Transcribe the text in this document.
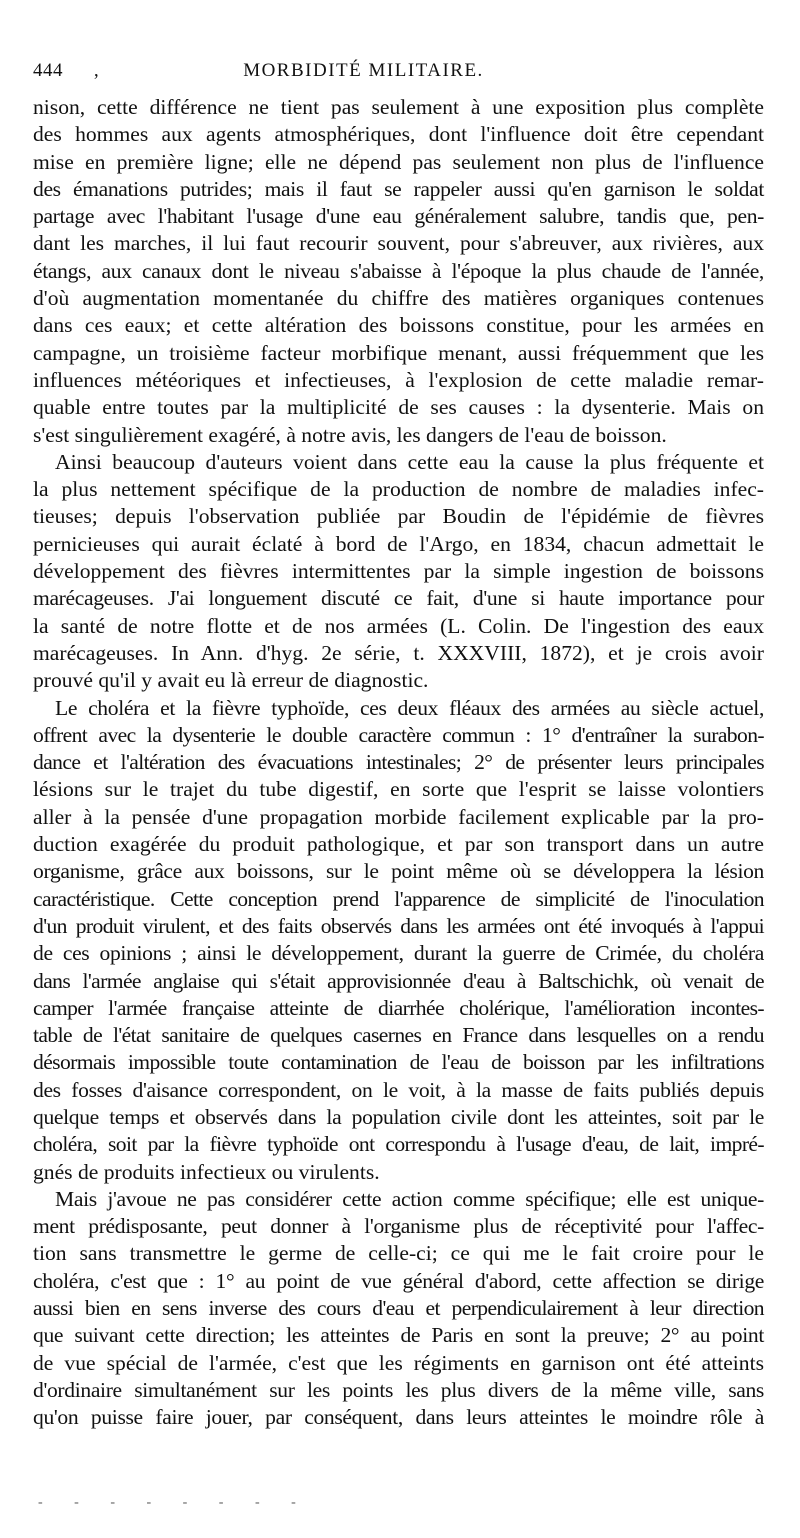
444	‚	MORBIDITÉ MILITAIRE.
nison, cette différence ne tient pas seulement à une exposition plus complète
des hommes aux agents atmosphériques, dont l'influence doit être cependant
mise en première ligne; elle ne dépend pas seulement non plus de l'influence
des émanations putrides; mais il faut se rappeler aussi qu'en garnison le soldat
partage avec l'habitant l'usage d'une eau généralement salubre, tandis que, pen-
dant les marches, il lui faut recourir souvent, pour s'abreuver, aux rivières, aux
étangs, aux canaux dont le niveau s'abaisse à l'époque la plus chaude de l'année,
d'où augmentation momentanée du chiffre des matières organiques contenues
dans ces eaux; et cette altération des boissons constitue, pour les armées en
campagne, un troisième facteur morbifique menant, aussi fréquemment que les
influences météoriques et infectieuses, à l'explosion de cette maladie remar-
quable entre toutes par la multiplicité de ses causes : la dysenterie. Mais on
s'est singulièrement exagéré, à notre avis, les dangers de l'eau de boisson.
Ainsi beaucoup d'auteurs voient dans cette eau la cause la plus fréquente et
la plus nettement spécifique de la production de nombre de maladies infec-
tieuses; depuis l'observation publiée par Boudin de l'épidémie de fièvres
pernicieuses qui aurait éclaté à bord de l'Argo, en 1834, chacun admettait le
développement des fièvres intermittentes par la simple ingestion de boissons
marécageuses. J'ai longuement discuté ce fait, d'une si haute importance pour
la santé de notre flotte et de nos armées (L. Colin. De l'ingestion des eaux
marécageuses. In Ann. d'hyg. 2e série, t. XXXVIII, 1872), et je crois avoir
prouvé qu'il y avait eu là erreur de diagnostic.
Le choléra et la fièvre typhoïde, ces deux fléaux des armées au siècle actuel,
offrent avec la dysenterie le double caractère commun : 1° d'entraîner la surabon-
dance et l'altération des évacuations intestinales; 2° de présenter leurs principales
lésions sur le trajet du tube digestif, en sorte que l'esprit se laisse volontiers
aller à la pensée d'une propagation morbide facilement explicable par la pro-
duction exagérée du produit pathologique, et par son transport dans un autre
organisme, grâce aux boissons, sur le point même où se développera la lésion
caractéristique. Cette conception prend l'apparence de simplicité de l'inoculation
d'un produit virulent, et des faits observés dans les armées ont été invoqués à l'appui
de ces opinions ; ainsi le développement, durant la guerre de Crimée, du choléra
dans l'armée anglaise qui s'était approvisionnée d'eau à Baltschichk, où venait de
camper l'armée française atteinte de diarrhée cholérique, l'amélioration incontes-
table de l'état sanitaire de quelques casernes en France dans lesquelles on a rendu
désormais impossible toute contamination de l'eau de boisson par les infiltrations
des fosses d'aisance correspondent, on le voit, à la masse de faits publiés depuis
quelque temps et observés dans la population civile dont les atteintes, soit par le
choléra, soit par la fièvre typhoïde ont correspondu à l'usage d'eau, de lait, impré-
gnés de produits infectieux ou virulents.
Mais j'avoue ne pas considérer cette action comme spécifique; elle est unique-
ment prédisposante, peut donner à l'organisme plus de réceptivité pour l'affec-
tion sans transmettre le germe de celle-ci; ce qui me le fait croire pour le
choléra, c'est que : 1° au point de vue général d'abord, cette affection se dirige
aussi bien en sens inverse des cours d'eau et perpendiculairement à leur direction
que suivant cette direction; les atteintes de Paris en sont la preuve; 2° au point
de vue spécial de l'armée, c'est que les régiments en garnison ont été atteints
d'ordinaire simultanément sur les points les plus divers de la même ville, sans
qu'on puisse faire jouer, par conséquent, dans leurs atteintes le moindre rôle à
- - - - - - - -
